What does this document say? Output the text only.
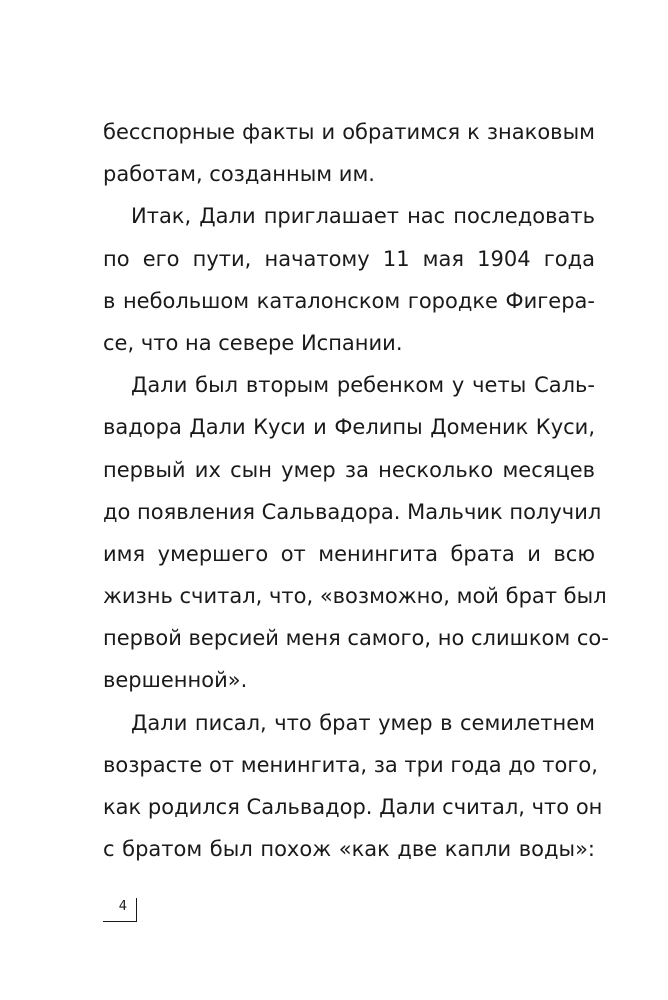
бесспорные факты и обратимся к знаковым
работам, созданным им.
Итак, Дали приглашает нас последовать
по его пути, начатому 11 мая 1904 года
в небольшом каталонском городке Фигера-
се, что на севере Испании.
Дали был вторым ребенком у четы Саль-
вадора Дали Куси и Фелипы Доменик Куси,
первый их сын умер за несколько месяцев
до появления Сальвадора. Мальчик получил
имя умершего от менингита брата и всю
жизнь считал, что, «возможно, мой брат был
первой версией меня самого, но слишком со-
вершенной».
Дали писал, что брат умер в семилетнем
возрасте от менингита, за три года до того,
как родился Сальвадор. Дали считал, что он
с братом был похож «как две капли воды»:
4
